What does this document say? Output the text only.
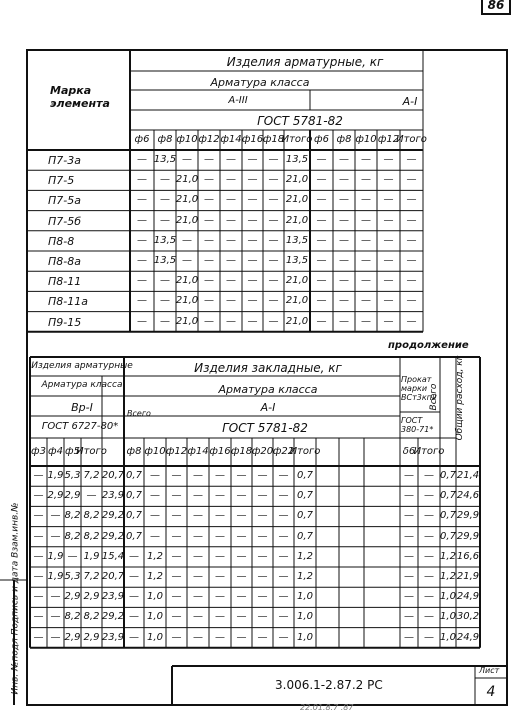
86
Инв. №подл Подпись и дата Взам.инв.№	3.006.1-2.87.2 РС
Лист
4
22.01.8.7 .87
Марка элемента
Изделия арматурные, кг
Арматура класса
А-III	А-I
ГОСТ 5781-82
ф6 ф8 ф10 ф12 ф14 ф16 ф18
Итого ф6 ф8 ф10 ф12
Итого
П7-3а	— 13,5 — — — — — 13,5 — — — — —
П7-5	— — 21,0 — — — — 21,0 — — — — —
П7-5а	— — 21,0 — — — — 21,0 — — — — —
П7-5б	— — 21,0 — — — — 21,0 — — — — —
П8-8	— 13,5 — — — — — 13,5 — — — — —
П8-8а	— 13,5 — — — — — 13,5 — — — — —
П8-11	— — 21,0 — — — — 21,0 — — — — —
П8-11а	— — 21,0 — — — — 21,0 — — — — —
П9-15	— — 21,0 — — — — 21,0 — — — — —
продолжение
Изделия арматурные
Арматура класса
Вр-I
ГОСТ 6727-80*
Всего
Изделия закладные, кг
Арматура класса
А-I
ГОСТ 5781-82
Прокат марки ВСт3кп2
ГОСТ 380-71*
Всего Общий расход, кг
ф3 ф4 ф5
Итого ф8 ф10 ф12 ф14 ф16 ф18 ф20 ф22
Итого	δ6
Итого
— 1,9 5,3 7,2 20,7 0,7 — — — — — — — 0,7	— — 0,7 21,4
— 2,9 2,9 — 23,9 0,7 — — — — — — — 0,7	— — 0,7 24,6
— — 8,2 8,2 29,2 0,7 — — — — — — — 0,7	— — 0,7 29,9
— — 8,2 8,2 29,2 0,7 — — — — — — — 0,7	— — 0,7 29,9
— 1,9 — 1,9 15,4 — 1,2 — — — — — — 1,2	— — 1,2 16,6
— 1,9 5,3 7,2 20,7 — 1,2 — — — — — — 1,2	— — 1,2 21,9
— — 2,9 2,9 23,9 — 1,0 — — — — — — 1,0	— — 1,0 24,9
— — 8,2 8,2 29,2 — 1,0 — — — — — — 1,0	— — 1,0 30,2
— — 2,9 2,9 23,9 — 1,0 — — — — — — 1,0	— — 1,0 24,9
